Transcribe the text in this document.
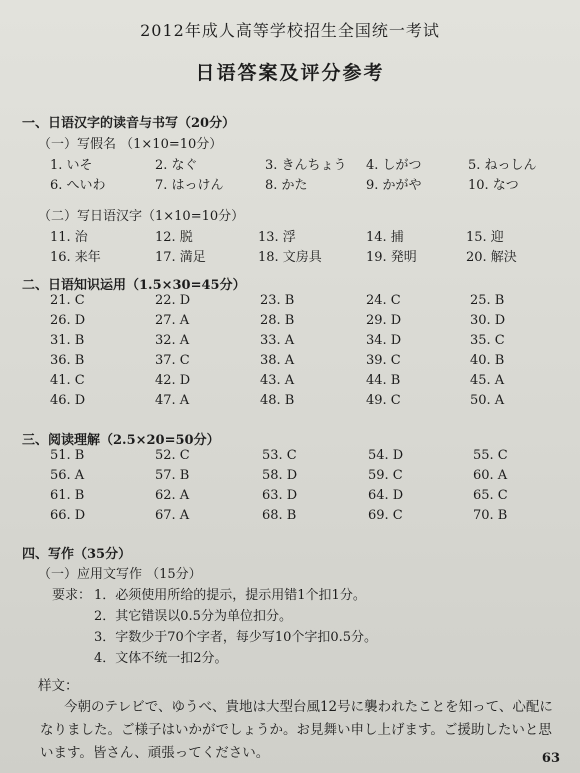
2012年成人高等学校招生全国统一考试
日语答案及评分参考
一、日语汉字的读音与书写（20分）
（一）写假名 （1×10=10分）
1. いそ	2. なぐ	3. きんちょう 4. しがつ	5. ねっしん
6. へいわ	7. はっけん	8. かた	9. かがや	10. なつ
（二）写日语汉字（1×10=10分）
11. 治	12. 脱	13. 浮	14. 捕	15. 迎
16. 来年	17. 満足	18. 文房具	19. 発明	20. 解決
二、日语知识运用（1.5×30=45分）
21. C	22. D	23. B	24. C	25. B
26. D	27. A	28. B	29. D	30. D
31. B	32. A	33. A	34. D	35. C
36. B	37. C	38. A	39. C	40. B
41. C	42. D	43. A	44. B	45. A
46. D	47. A	48. B	49. C	50. A
三、阅读理解（2.5×20=50分）
51. B	52. C	53. C	54. D	55. C
56. A	57. B	58. D	59. C	60. A
61. B	62. A	63. D	64. D	65. C
66. D	67. A	68. B	69. C	70. B
四、写作（35分）
（一）应用文写作 （15分）
要求： 1．必须使用所给的提示，提示用错1个扣1分。
2．其它错误以0.5分为单位扣分。
3．字数少于70个字者，每少写10个字扣0.5分。
4．文体不统一扣2分。
样文：
今朝のテレビで、ゆうべ、貴地は大型台風12号に襲われたことを知って、心配になりました。ご様子はいかがでしょうか。お見舞い申し上げます。ご援助したいと思います。皆さん、頑張ってください。	63
